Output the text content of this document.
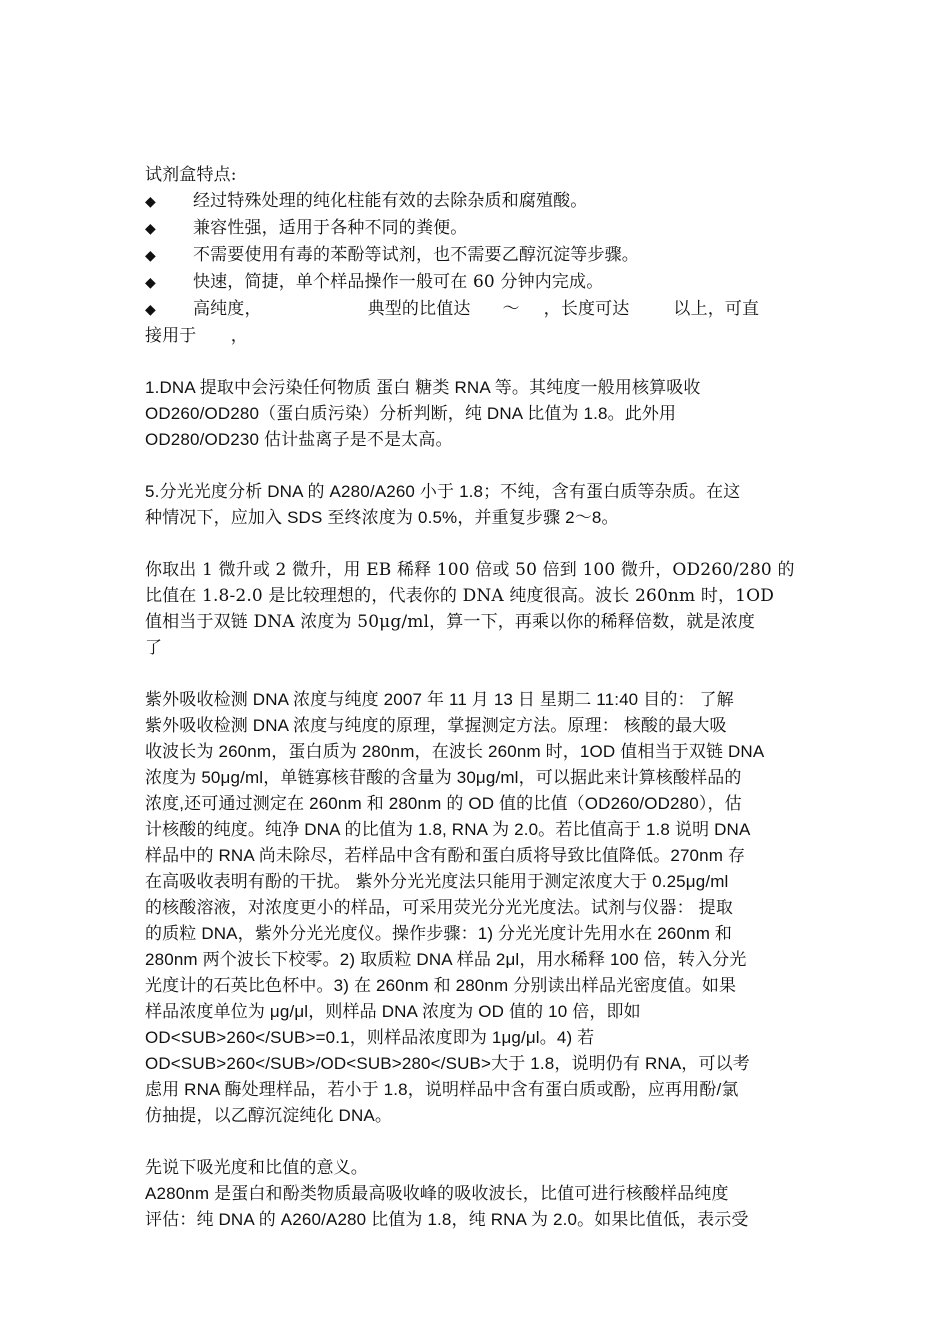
试剂盒特点:
◆	经过特殊处理的纯化柱能有效的去除杂质和腐殖酸。
◆	兼容性强，适用于各种不同的粪便。
◆	不需要使用有毒的苯酚等试剂，也不需要乙醇沉淀等步骤。
◆	快速，简捷，单个样品操作一般可在 60 分钟内完成。
◆	高纯度，	典型的比值达 ～ ，长度可达	以上，可直
接用于　　，
1.DNA 提取中会污染任何物质 蛋白 糖类 RNA 等。其纯度一般用核算吸收
OD260/OD280（蛋白质污染）分析判断，纯 DNA 比值为 1.8。此外用
OD280/OD230 估计盐离子是不是太高。
5.分光光度分析 DNA 的 A280/A260 小于 1.8；不纯，含有蛋白质等杂质。在这
种情况下，应加入 SDS 至终浓度为 0.5%，并重复步骤 2～8。
你取出 1 微升或 2 微升，用 EB 稀释 100 倍或 50 倍到 100 微升，OD260/280 的
比值在 1.8-2.0 是比较理想的，代表你的 DNA 纯度很高。波长 260nm 时，1OD
值相当于双链 DNA 浓度为 50μg/ml，算一下，再乘以你的稀释倍数，就是浓度
了
紫外吸收检测 DNA 浓度与纯度 2007 年 11 月 13 日 星期二 11:40 目的： 了解
紫外吸收检测 DNA 浓度与纯度的原理，掌握测定方法。原理： 核酸的最大吸
收波长为 260nm，蛋白质为 280nm，在波长 260nm 时，1OD 值相当于双链 DNA
浓度为 50μg/ml，单链寡核苷酸的含量为 30μg/ml，可以据此来计算核酸样品的
浓度,还可通过测定在 260nm 和 280nm 的 OD 值的比值（OD260/OD280），估
计核酸的纯度。纯净 DNA 的比值为 1.8, RNA 为 2.0。若比值高于 1.8 说明 DNA
样品中的 RNA 尚未除尽，若样品中含有酚和蛋白质将导致比值降低。270nm 存
在高吸收表明有酚的干扰。 紫外分光光度法只能用于测定浓度大于 0.25μg/ml
的核酸溶液，对浓度更小的样品，可采用荧光分光光度法。试剂与仪器： 提取
的质粒 DNA，紫外分光光度仪。操作步骤：1) 分光光度计先用水在 260nm 和
280nm 两个波长下校零。2) 取质粒 DNA 样品 2μl，用水稀释 100 倍，转入分光
光度计的石英比色杯中。3) 在 260nm 和 280nm 分别读出样品光密度值。如果
样品浓度单位为 μg/μl，则样品 DNA 浓度为 OD 值的 10 倍，即如
OD<SUB>260</SUB>=0.1，则样品浓度即为 1μg/μl。4) 若
OD<SUB>260</SUB>/OD<SUB>280</SUB>大于 1.8，说明仍有 RNA，可以考
虑用 RNA 酶处理样品，若小于 1.8，说明样品中含有蛋白质或酚，应再用酚/氯
仿抽提，以乙醇沉淀纯化 DNA。
先说下吸光度和比值的意义。
A280nm 是蛋白和酚类物质最高吸收峰的吸收波长，比值可进行核酸样品纯度
评估：纯 DNA 的 A260/A280 比值为 1.8，纯 RNA 为 2.0。如果比值低，表示受
